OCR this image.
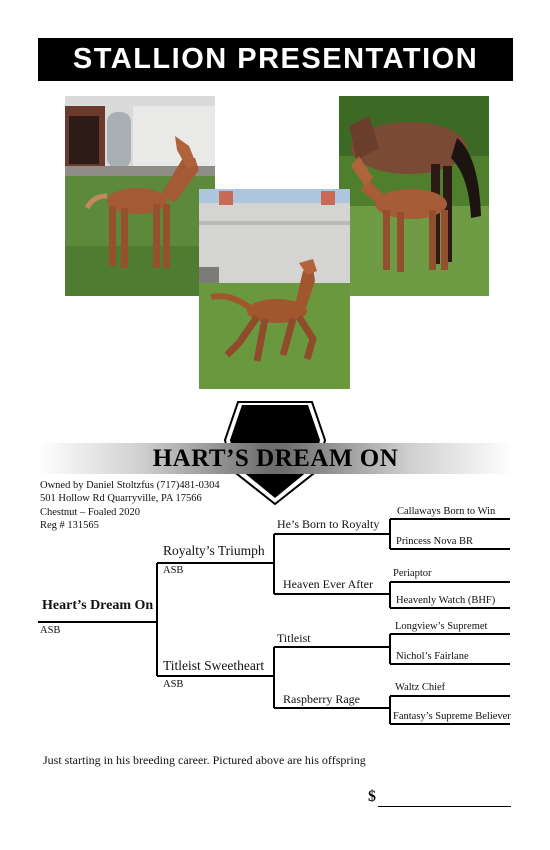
STALLION PRESENTATION
A
HART’S DREAM ON
Owned by Daniel Stoltzfus (717)481-0304
501 Hollow Rd Quarryville, PA 17566
Chestnut – Foaled 2020
Reg # 131565
Heart’s Dream On
ASB
Royalty’s Triumph
ASB
Titleist Sweetheart
ASB
He’s Born to Royalty
Heaven Ever After
Titleist
Raspberry Rage
Callaways Born to Win
Princess Nova BR
Periaptor
Heavenly Watch (BHF)
Longview’s Supremet
Nichol’s Fairlane
Waltz Chief
Fantasy’s Supreme Believer
Just starting in his breeding career. Pictured above are his offspring
$
